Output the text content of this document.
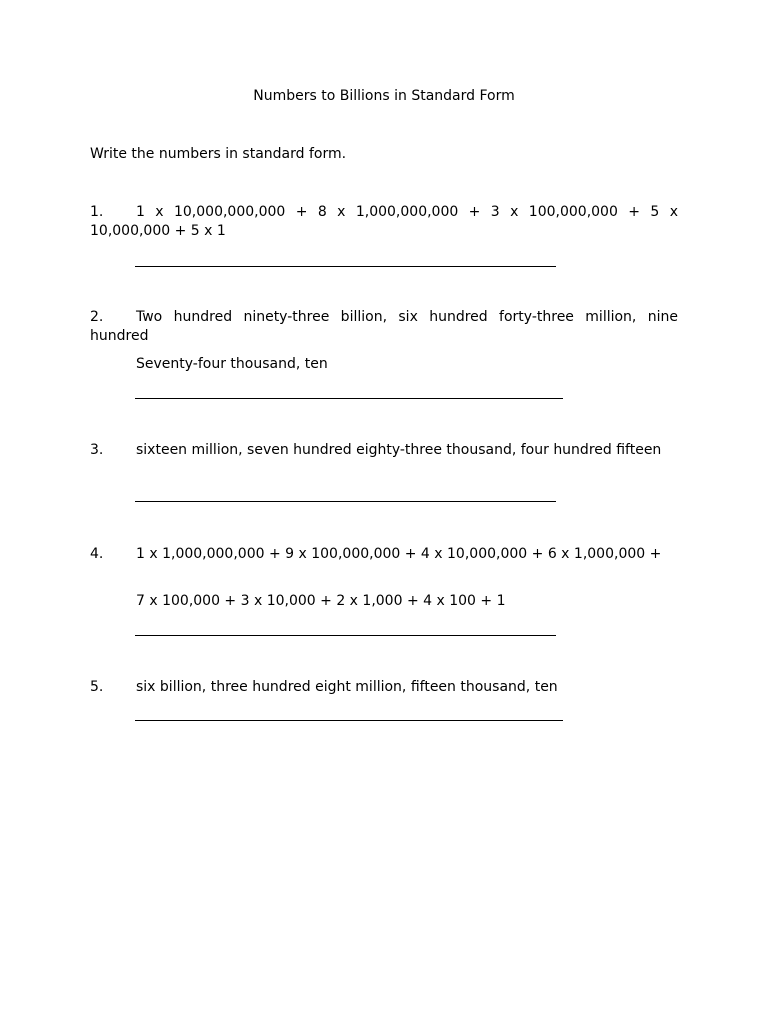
Numbers to Billions in Standard Form
Write the numbers in standard form.
1. 1 x 10,000,000,000 + 8 x 1,000,000,000 + 3 x 100,000,000 + 5 x 10,000,000 + 5 x 1
2. Two hundred ninety-three billion, six hundred forty-three million, nine hundred
Seventy-four thousand, ten
3. sixteen million, seven hundred eighty-three thousand, four hundred fifteen
4. 1 x 1,000,000,000 + 9 x 100,000,000 + 4 x 10,000,000 + 6 x 1,000,000 +
7 x 100,000 + 3 x 10,000 + 2 x 1,000 + 4 x 100 + 1
5. six billion, three hundred eight million, fifteen thousand, ten
